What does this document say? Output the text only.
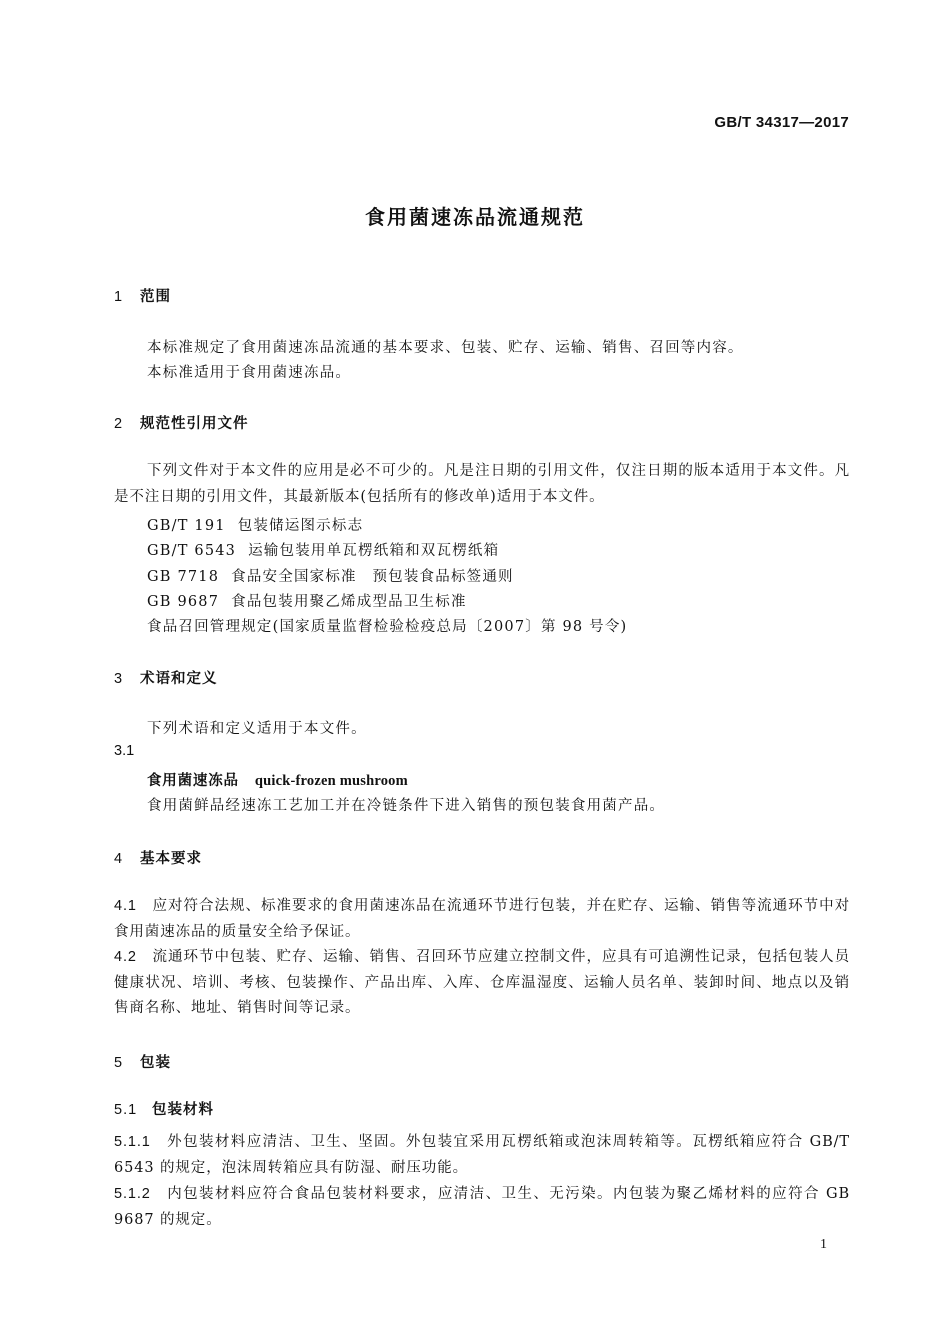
GB/T 34317—2017
食用菌速冻品流通规范
1 范围
本标准规定了食用菌速冻品流通的基本要求、包装、贮存、运输、销售、召回等内容。
本标准适用于食用菌速冻品。
2 规范性引用文件
下列文件对于本文件的应用是必不可少的。凡是注日期的引用文件，仅注日期的版本适用于本文件。凡是不注日期的引用文件，其最新版本(包括所有的修改单)适用于本文件。
GB/T 191 包装储运图示标志
GB/T 6543 运输包装用单瓦楞纸箱和双瓦楞纸箱
GB 7718 食品安全国家标准　预包装食品标签通则
GB 9687 食品包装用聚乙烯成型品卫生标准
食品召回管理规定(国家质量监督检验检疫总局〔2007〕第 98 号令)
3 术语和定义
下列术语和定义适用于本文件。
3.1
食用菌速冻品 quick-frozen mushroom
食用菌鲜品经速冻工艺加工并在冷链条件下进入销售的预包装食用菌产品。
4 基本要求
4.1　 应对符合法规、标准要求的食用菌速冻品在流通环节进行包装，并在贮存、运输、销售等流通环节中对食用菌速冻品的质量安全给予保证。
4.2　 流通环节中包装、贮存、运输、销售、召回环节应建立控制文件，应具有可追溯性记录，包括包装人员健康状况、培训、考核、包装操作、产品出库、入库、仓库温湿度、运输人员名单、装卸时间、地点以及销售商名称、地址、销售时间等记录。
5 包装
5.1 包装材料
5.1.1　 外包装材料应清洁、卫生、坚固。外包装宜采用瓦楞纸箱或泡沫周转箱等。瓦楞纸箱应符合 GB/T 6543 的规定，泡沫周转箱应具有防湿、耐压功能。
5.1.2　 内包装材料应符合食品包装材料要求，应清洁、卫生、无污染。内包装为聚乙烯材料的应符合 GB 9687 的规定。
1
